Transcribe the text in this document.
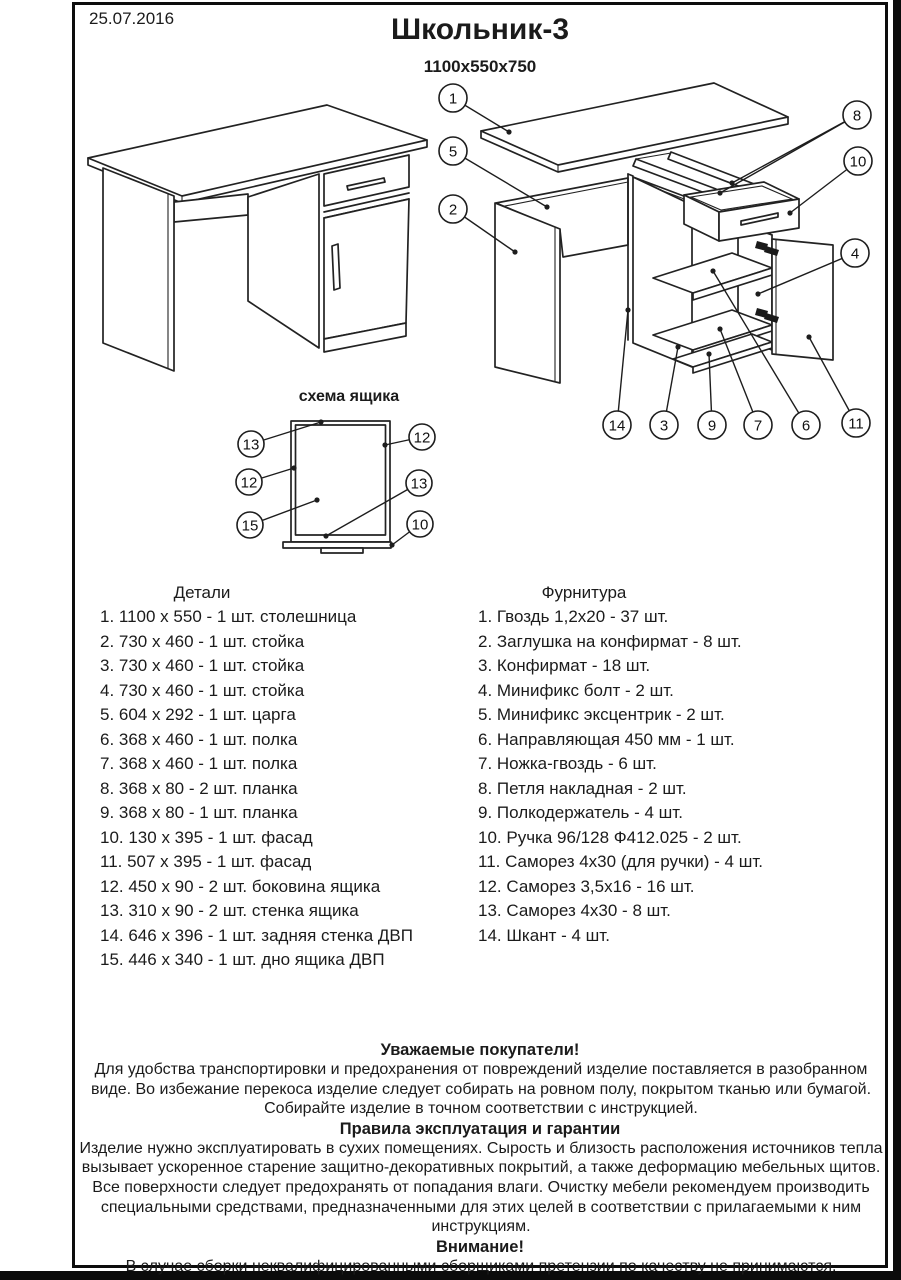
25.07.2016	Школьник-3
1100х550х750
1
5
2
8
10
4
14 3	9	7	6	11
схема ящика
13	12
12	13
15	10
Детали
1. 1100 х 550 - 1 шт. столешница
2. 730 х 460 - 1 шт. стойка
3. 730 х 460 - 1 шт. стойка
4. 730 х 460 - 1 шт. стойка
5. 604 х 292 - 1 шт. царга
6. 368 х 460 - 1 шт. полка
7. 368 х 460 - 1 шт. полка
8. 368 х 80 - 2 шт. планка
9. 368 х 80 - 1 шт. планка
10. 130 х 395 - 1 шт. фасад
11. 507 х 395 - 1 шт. фасад
12. 450 х 90 - 2 шт. боковина ящика
13. 310 х 90 - 2 шт. стенка ящика
14. 646 х 396 - 1 шт. задняя стенка ДВП
15. 446 х 340 - 1 шт. дно ящика ДВП
Фурнитура
1. Гвоздь 1,2х20 - 37 шт.
2. Заглушка на конфирмат - 8 шт.
3. Конфирмат - 18 шт.
4. Минификс болт - 2 шт.
5. Минификс эксцентрик - 2 шт.
6. Направляющая 450 мм - 1 шт.
7. Ножка-гвоздь - 6 шт.
8. Петля накладная - 2 шт.
9. Полкодержатель - 4 шт.
10. Ручка 96/128 Ф412.025 - 2 шт.
11. Саморез 4х30 (для ручки) - 4 шт.
12. Саморез 3,5х16 - 16 шт.
13. Саморез 4х30 - 8 шт.
14. Шкант - 4 шт.
Уважаемые покупатели!
Для удобства транспортировки и предохранения от повреждений изделие поставляется в разобранном виде. Во избежание перекоса изделие следует собирать на ровном полу, покрытом тканью или бумагой. Собирайте изделие в точном соответствии с инструкцией.
Правила эксплуатация и гарантии
Изделие нужно эксплуатировать в сухих помещениях. Сырость и близость расположения источников тепла вызывает ускоренное старение защитно-декоративных покрытий, а также деформацию мебельных щитов. Все поверхности следует предохранять от попадания влаги. Очистку мебели рекомендуем производить специальными средствами, предназначенными для этих целей в соответствии с прилагаемыми к ним инструкциям.
Внимание!
В случае сборки неквалифицированными сборщиками претензии по качеству не принимаются.
